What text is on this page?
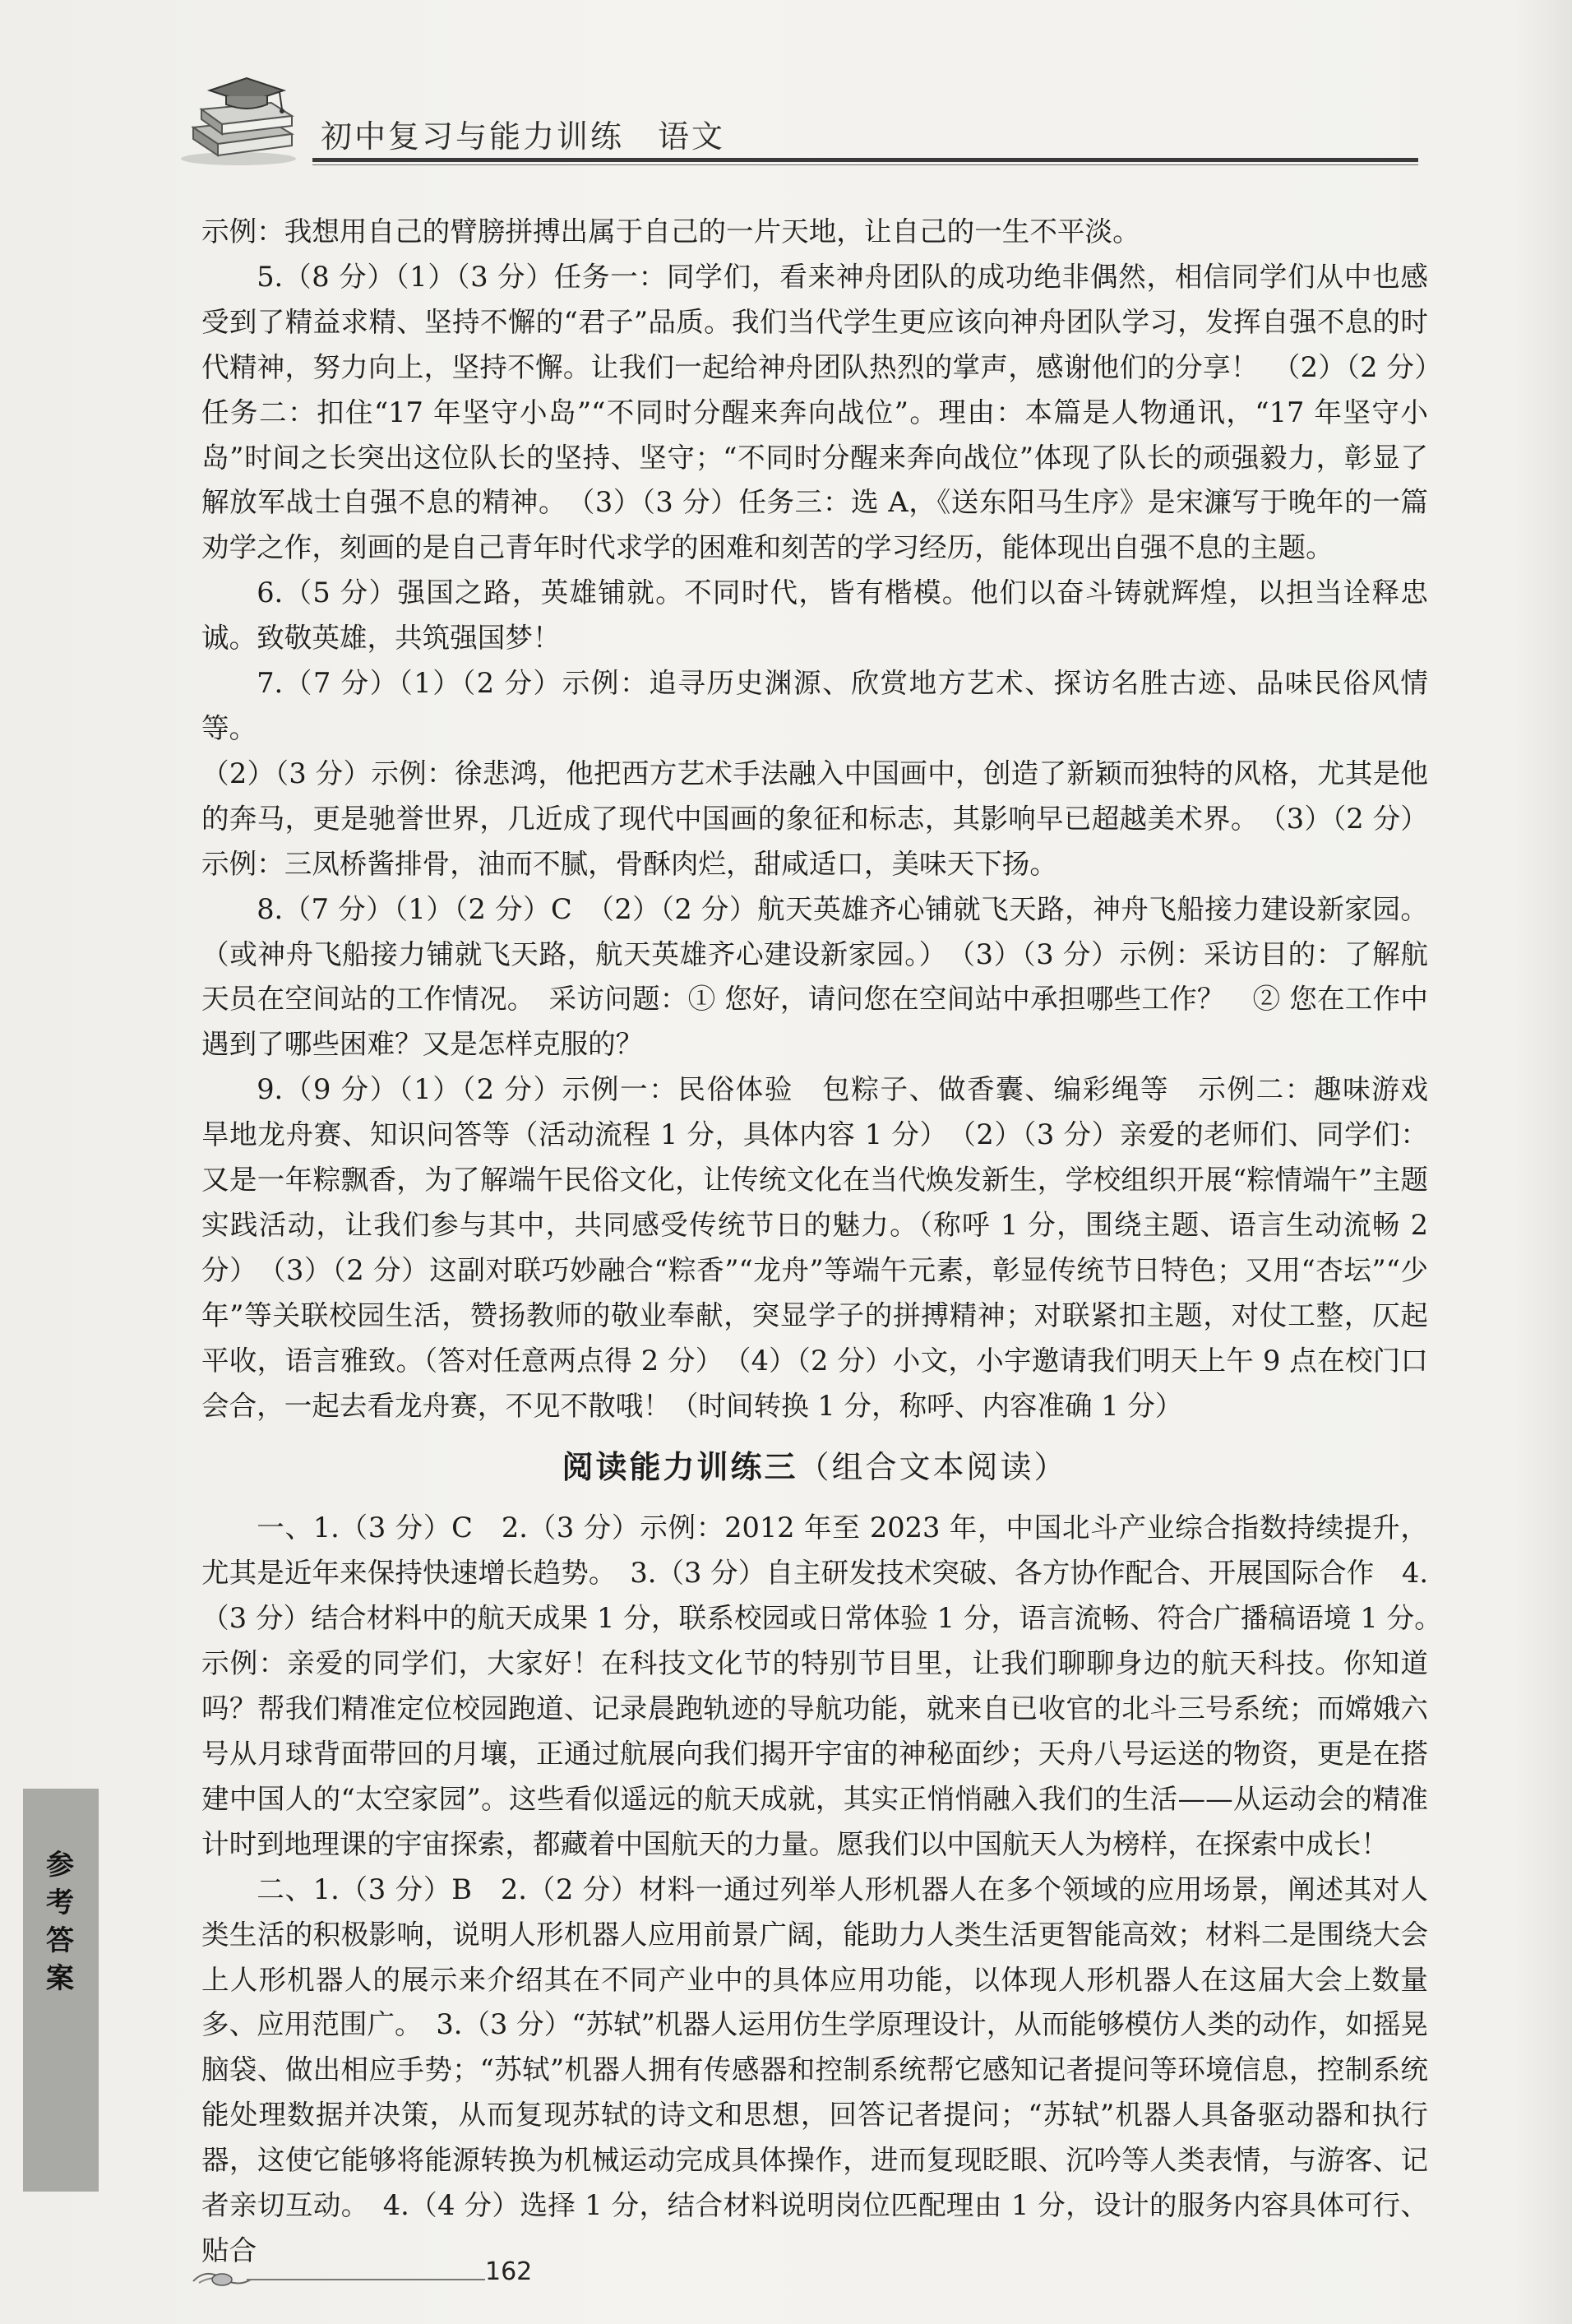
初中复习与能力训练　语文

示例：我想用自己的臂膀拼搏出属于自己的一片天地，让自己的一生不平淡。

5.（8 分）（1）（3 分）任务一：同学们，看来神舟团队的成功绝非偶然，相信同学们从中也感受到了精益求精、坚持不懈的“君子”品质。我们当代学生更应该向神舟团队学习，发挥自强不息的时代精神，努力向上，坚持不懈。让我们一起给神舟团队热烈的掌声，感谢他们的分享！　（2）（2 分）任务二：扣住“17 年坚守小岛”“不同时分醒来奔向战位”。理由：本篇是人物通讯，“17 年坚守小岛”时间之长突出这位队长的坚持、坚守；“不同时分醒来奔向战位”体现了队长的顽强毅力，彰显了解放军战士自强不息的精神。　（3）（3 分）任务三：选 A，《送东阳马生序》是宋濂写于晚年的一篇劝学之作，刻画的是自己青年时代求学的困难和刻苦的学习经历，能体现出自强不息的主题。

6.（5 分）强国之路，英雄铺就。不同时代，皆有楷模。他们以奋斗铸就辉煌，以担当诠释忠诚。致敬英雄，共筑强国梦！

7.（7 分）（1）（2 分）示例：追寻历史渊源、欣赏地方艺术、探访名胜古迹、品味民俗风情等。

（2）（3 分）示例：徐悲鸿，他把西方艺术手法融入中国画中，创造了新颖而独特的风格，尤其是他的奔马，更是驰誉世界，几近成了现代中国画的象征和标志，其影响早已超越美术界。　（3）（2 分）示例：三凤桥酱排骨，油而不腻，骨酥肉烂，甜咸适口，美味天下扬。

8.（7 分）（1）（2 分）C　（2）（2 分）航天英雄齐心铺就飞天路，神舟飞船接力建设新家园。（或神舟飞船接力铺就飞天路，航天英雄齐心建设新家园。）　（3）（3 分）示例：采访目的：了解航天员在空间站的工作情况。　采访问题：① 您好，请问您在空间站中承担哪些工作？　② 您在工作中遇到了哪些困难？又是怎样克服的？

9.（9 分）（1）（2 分）示例一：民俗体验　包粽子、做香囊、编彩绳等　示例二：趣味游戏　旱地龙舟赛、知识问答等（活动流程 1 分，具体内容 1 分）　（2）（3 分）亲爱的老师们、同学们：又是一年粽飘香，为了解端午民俗文化，让传统文化在当代焕发新生，学校组织开展“粽情端午”主题实践活动，让我们参与其中，共同感受传统节日的魅力。（称呼 1 分，围绕主题、语言生动流畅 2 分）　（3）（2 分）这副对联巧妙融合“粽香”“龙舟”等端午元素，彰显传统节日特色；又用“杏坛”“少年”等关联校园生活，赞扬教师的敬业奉献，突显学子的拼搏精神；对联紧扣主题，对仗工整，仄起平收，语言雅致。（答对任意两点得 2 分）　（4）（2 分）小文，小宇邀请我们明天上午 9 点在校门口会合，一起去看龙舟赛，不见不散哦！（时间转换 1 分，称呼、内容准确 1 分）

阅读能力训练三（组合文本阅读）

一、1.（3 分）C　2.（3 分）示例：2012 年至 2023 年，中国北斗产业综合指数持续提升，尤其是近年来保持快速增长趋势。　3.（3 分）自主研发技术突破、各方协作配合、开展国际合作　4.（3 分）结合材料中的航天成果 1 分，联系校园或日常体验 1 分，语言流畅、符合广播稿语境 1 分。　示例：亲爱的同学们，大家好！在科技文化节的特别节目里，让我们聊聊身边的航天科技。你知道吗？帮我们精准定位校园跑道、记录晨跑轨迹的导航功能，就来自已收官的北斗三号系统；而嫦娥六号从月球背面带回的月壤，正通过航展向我们揭开宇宙的神秘面纱；天舟八号运送的物资，更是在搭建中国人的“太空家园”。这些看似遥远的航天成就，其实正悄悄融入我们的生活——从运动会的精准计时到地理课的宇宙探索，都藏着中国航天的力量。愿我们以中国航天人为榜样，在探索中成长！

二、1.（3 分）B　2.（2 分）材料一通过列举人形机器人在多个领域的应用场景，阐述其对人类生活的积极影响，说明人形机器人应用前景广阔，能助力人类生活更智能高效；材料二是围绕大会上人形机器人的展示来介绍其在不同产业中的具体应用功能，以体现人形机器人在这届大会上数量多、应用范围广。　3.（3 分）“苏轼”机器人运用仿生学原理设计，从而能够模仿人类的动作，如摇晃脑袋、做出相应手势；“苏轼”机器人拥有传感器和控制系统帮它感知记者提问等环境信息，控制系统能处理数据并决策，从而复现苏轼的诗文和思想，回答记者提问；“苏轼”机器人具备驱动器和执行器，这使它能够将能源转换为机械运动完成具体操作，进而复现眨眼、沉吟等人类表情，与游客、记者亲切互动。　4.（4 分）选择 1 分，结合材料说明岗位匹配理由 1 分，设计的服务内容具体可行、贴合

参考答案
162
